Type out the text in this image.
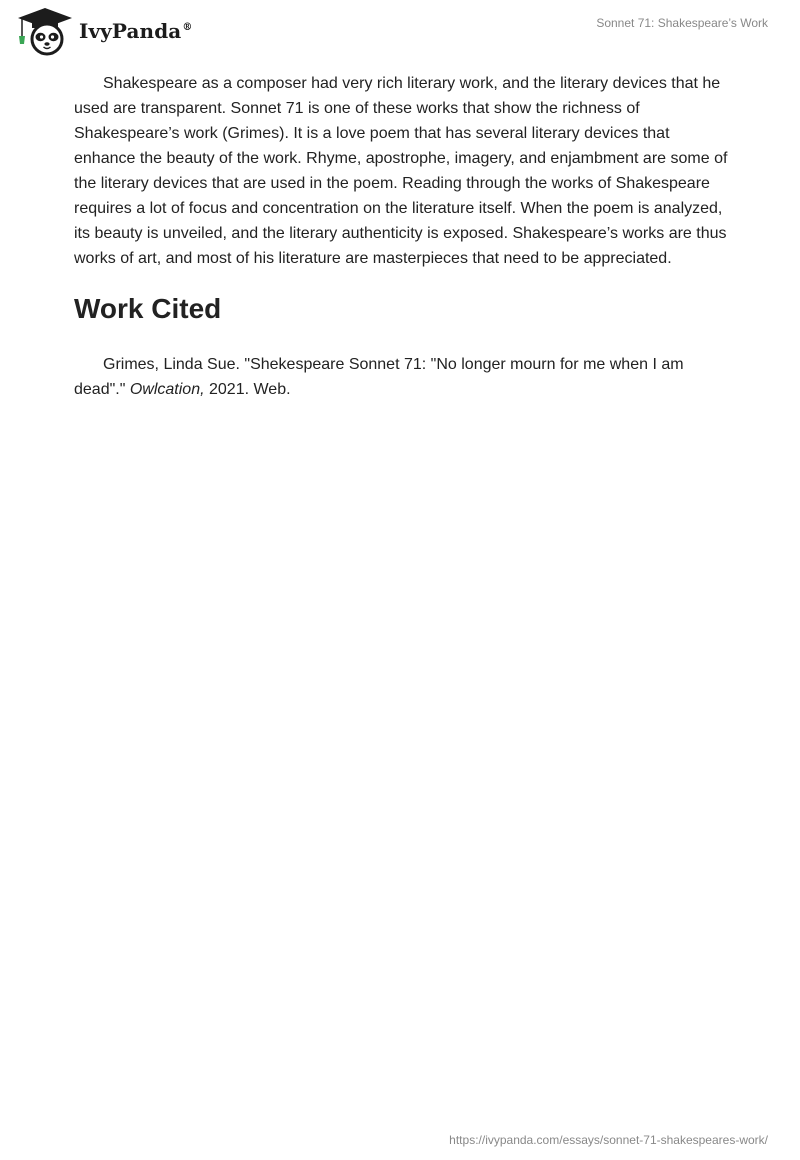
IvyPanda®	Sonnet 71: Shakespeare’s Work

Shakespeare as a composer had very rich literary work, and the literary devices that he used are transparent. Sonnet 71 is one of these works that show the richness of Shakespeare’s work (Grimes). It is a love poem that has several literary devices that enhance the beauty of the work. Rhyme, apostrophe, imagery, and enjambment are some of the literary devices that are used in the poem. Reading through the works of Shakespeare requires a lot of focus and concentration on the literature itself. When the poem is analyzed, its beauty is unveiled, and the literary authenticity is exposed. Shakespeare’s works are thus works of art, and most of his literature are masterpieces that need to be appreciated.

Work Cited

Grimes, Linda Sue. "Shekespeare Sonnet 71: "No longer mourn for me when I am dead"." Owlcation, 2021. Web.

https://ivypanda.com/essays/sonnet-71-shakespeares-work/
